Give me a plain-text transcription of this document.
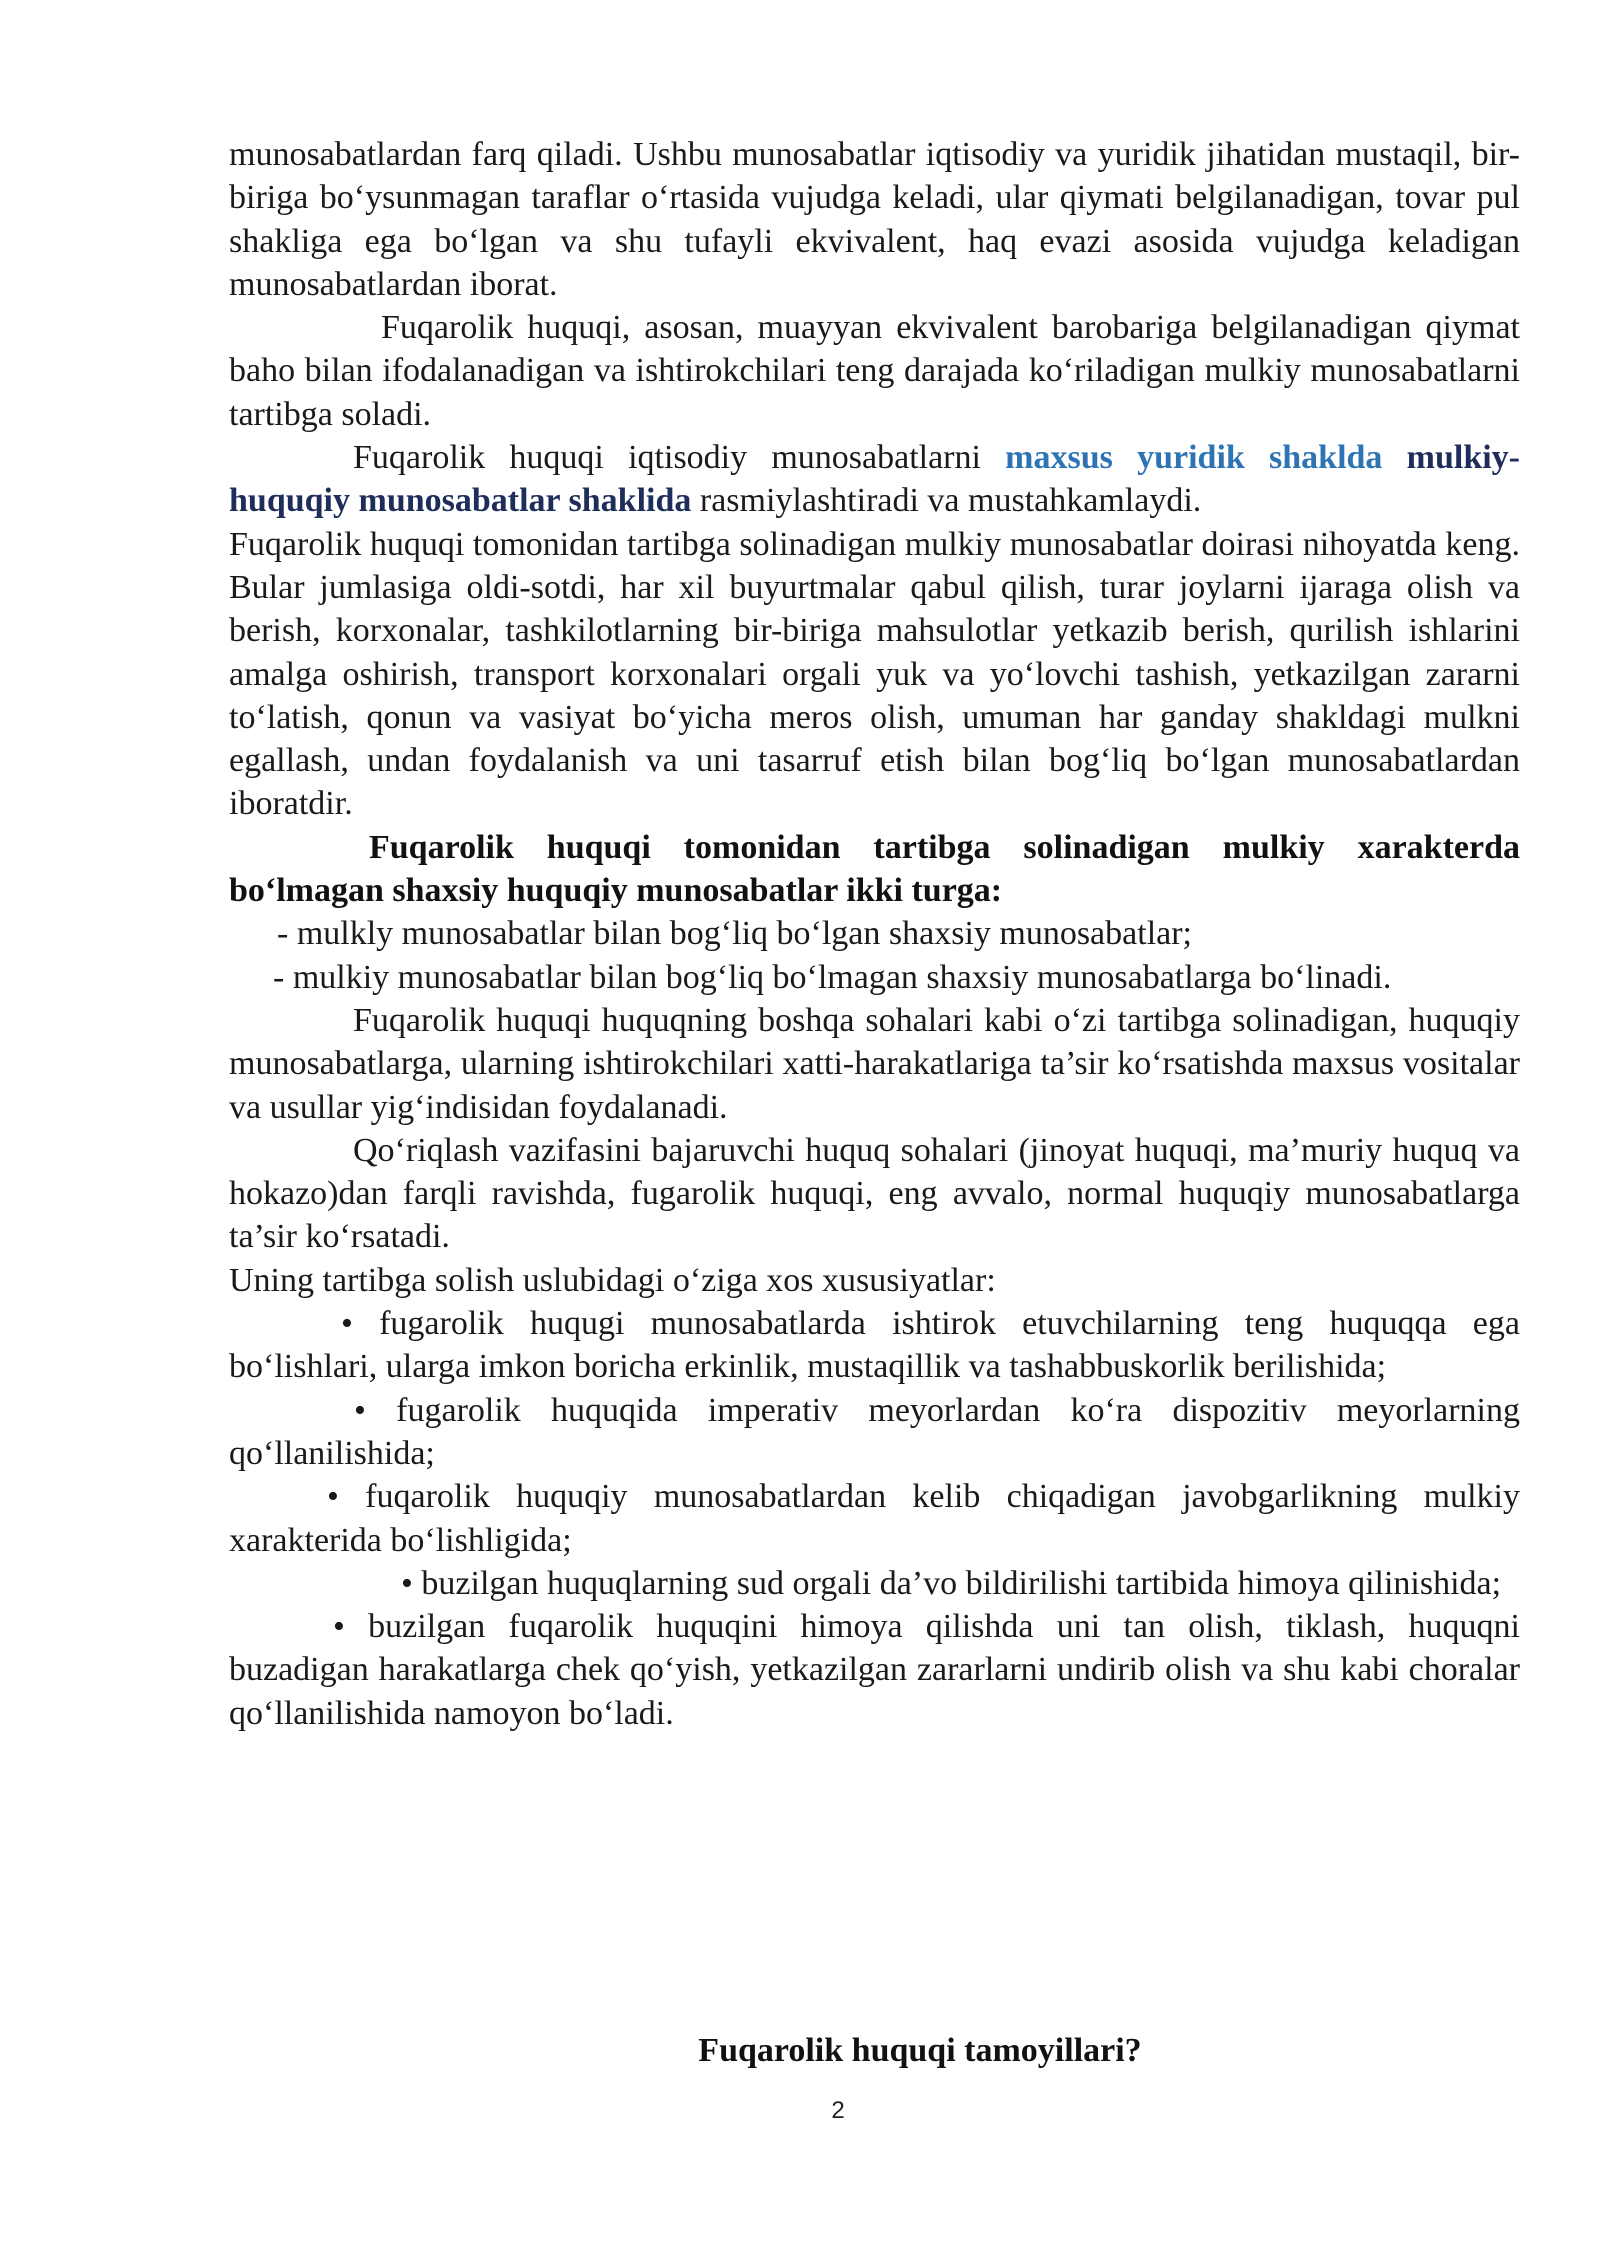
munosabatlardan farq qiladi. Ushbu munosabatlar iqtisodiy va yuridik jihatidan mustaqil, bir-biriga bo‘ysunmagan taraflar o‘rtasida vujudga keladi, ular qiymati belgilanadigan, tovar pul shakliga ega bo‘lgan va shu tufayli ekvivalent, haq evazi asosida vujudga keladigan munosabatlardan iborat.

Fuqarolik huquqi, asosan, muayyan ekvivalent barobariga belgilanadigan qiymat baho bilan ifodalanadigan va ishtirokchilari teng darajada ko‘riladigan mulkiy munosabatlarni tartibga soladi.

Fuqarolik huquqi iqtisodiy munosabatlarni maxsus yuridik shaklda mulkiy-huquqiy munosabatlar shaklida rasmiylashtiradi va mustahkamlaydi.

Fuqarolik huquqi tomonidan tartibga solinadigan mulkiy munosabatlar doirasi nihoyatda keng. Bular jumlasiga oldi-sotdi, har xil buyurtmalar qabul qilish, turar joylarni ijaraga olish va berish, korxonalar, tashkilotlarning bir-biriga mahsulotlar yetkazib berish, qurilish ishlarini amalga oshirish, transport korxonalari orgali yuk va yo‘lovchi tashish, yetkazilgan zararni to‘latish, qonun va vasiyat bo‘yicha meros olish, umuman har ganday shakldagi mulkni egallash, undan foydalanish va uni tasarruf etish bilan bog‘liq bo‘lgan munosabatlardan iboratdir.

Fuqarolik huquqi tomonidan tartibga solinadigan mulkiy xarakterda bo‘lmagan shaxsiy huquqiy munosabatlar ikki turga:

- mulkly munosabatlar bilan bog‘liq bo‘lgan shaxsiy munosabatlar;

- mulkiy munosabatlar bilan bog‘liq bo‘lmagan shaxsiy munosabatlarga bo‘linadi.

Fuqarolik huquqi huquqning boshqa sohalari kabi o‘zi tartibga solinadigan, huquqiy munosabatlarga, ularning ishtirokchilari xatti-harakatlariga ta’sir ko‘rsatishda maxsus vositalar va usullar yig‘indisidan foydalanadi.

Qo‘riqlash vazifasini bajaruvchi huquq sohalari (jinoyat huquqi, ma’muriy huquq va hokazo)dan farqli ravishda, fugarolik huquqi, eng avvalo, normal huquqiy munosabatlarga ta’sir ko‘rsatadi.

Uning tartibga solish uslubidagi o‘ziga xos xususiyatlar:

• fugarolik huqugi munosabatlarda ishtirok etuvchilarning teng huquqqa ega bo‘lishlari, ularga imkon boricha erkinlik, mustaqillik va tashabbuskorlik berilishida;

• fugarolik huquqida imperativ meyorlardan ko‘ra dispozitiv meyorlarning qo‘llanilishida;

• fuqarolik huquqiy munosabatlardan kelib chiqadigan javobgarlikning mulkiy xarakterida bo‘lishligida;

• buzilgan huquqlarning sud orgali da’vo bildirilishi tartibida himoya qilinishida;

• buzilgan fuqarolik huquqini himoya qilishda uni tan olish, tiklash, huquqni buzadigan harakatlarga chek qo‘yish, yetkazilgan zararlarni undirib olish va shu kabi choralar qo‘llanilishida namoyon bo‘ladi.

Fuqarolik huquqi tamoyillari?
2
